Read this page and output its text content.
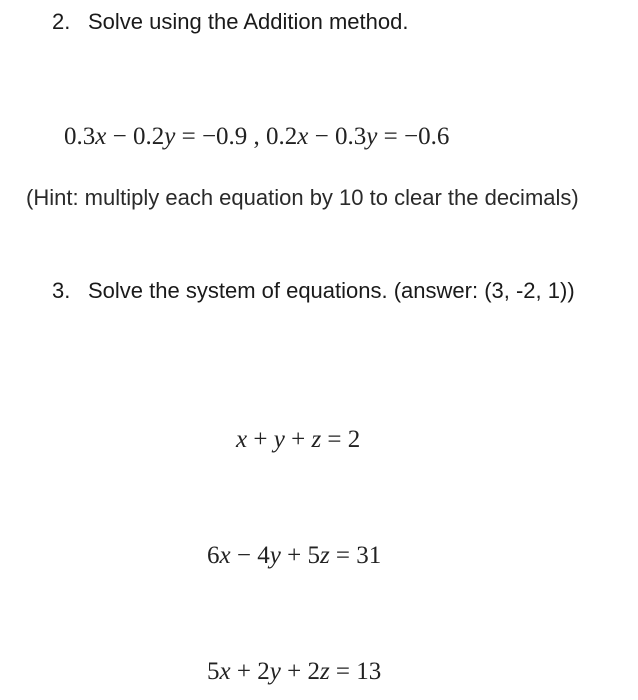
2. Solve using the Addition method.
0.3x − 0.2y = −0.9 , 0.2x − 0.3y = −0.6
(Hint: multiply each equation by 10 to clear the decimals)
3. Solve the system of equations. (answer: (3, -2, 1))
x + y + z = 2
6x − 4y + 5z = 31
5x + 2y + 2z = 13
